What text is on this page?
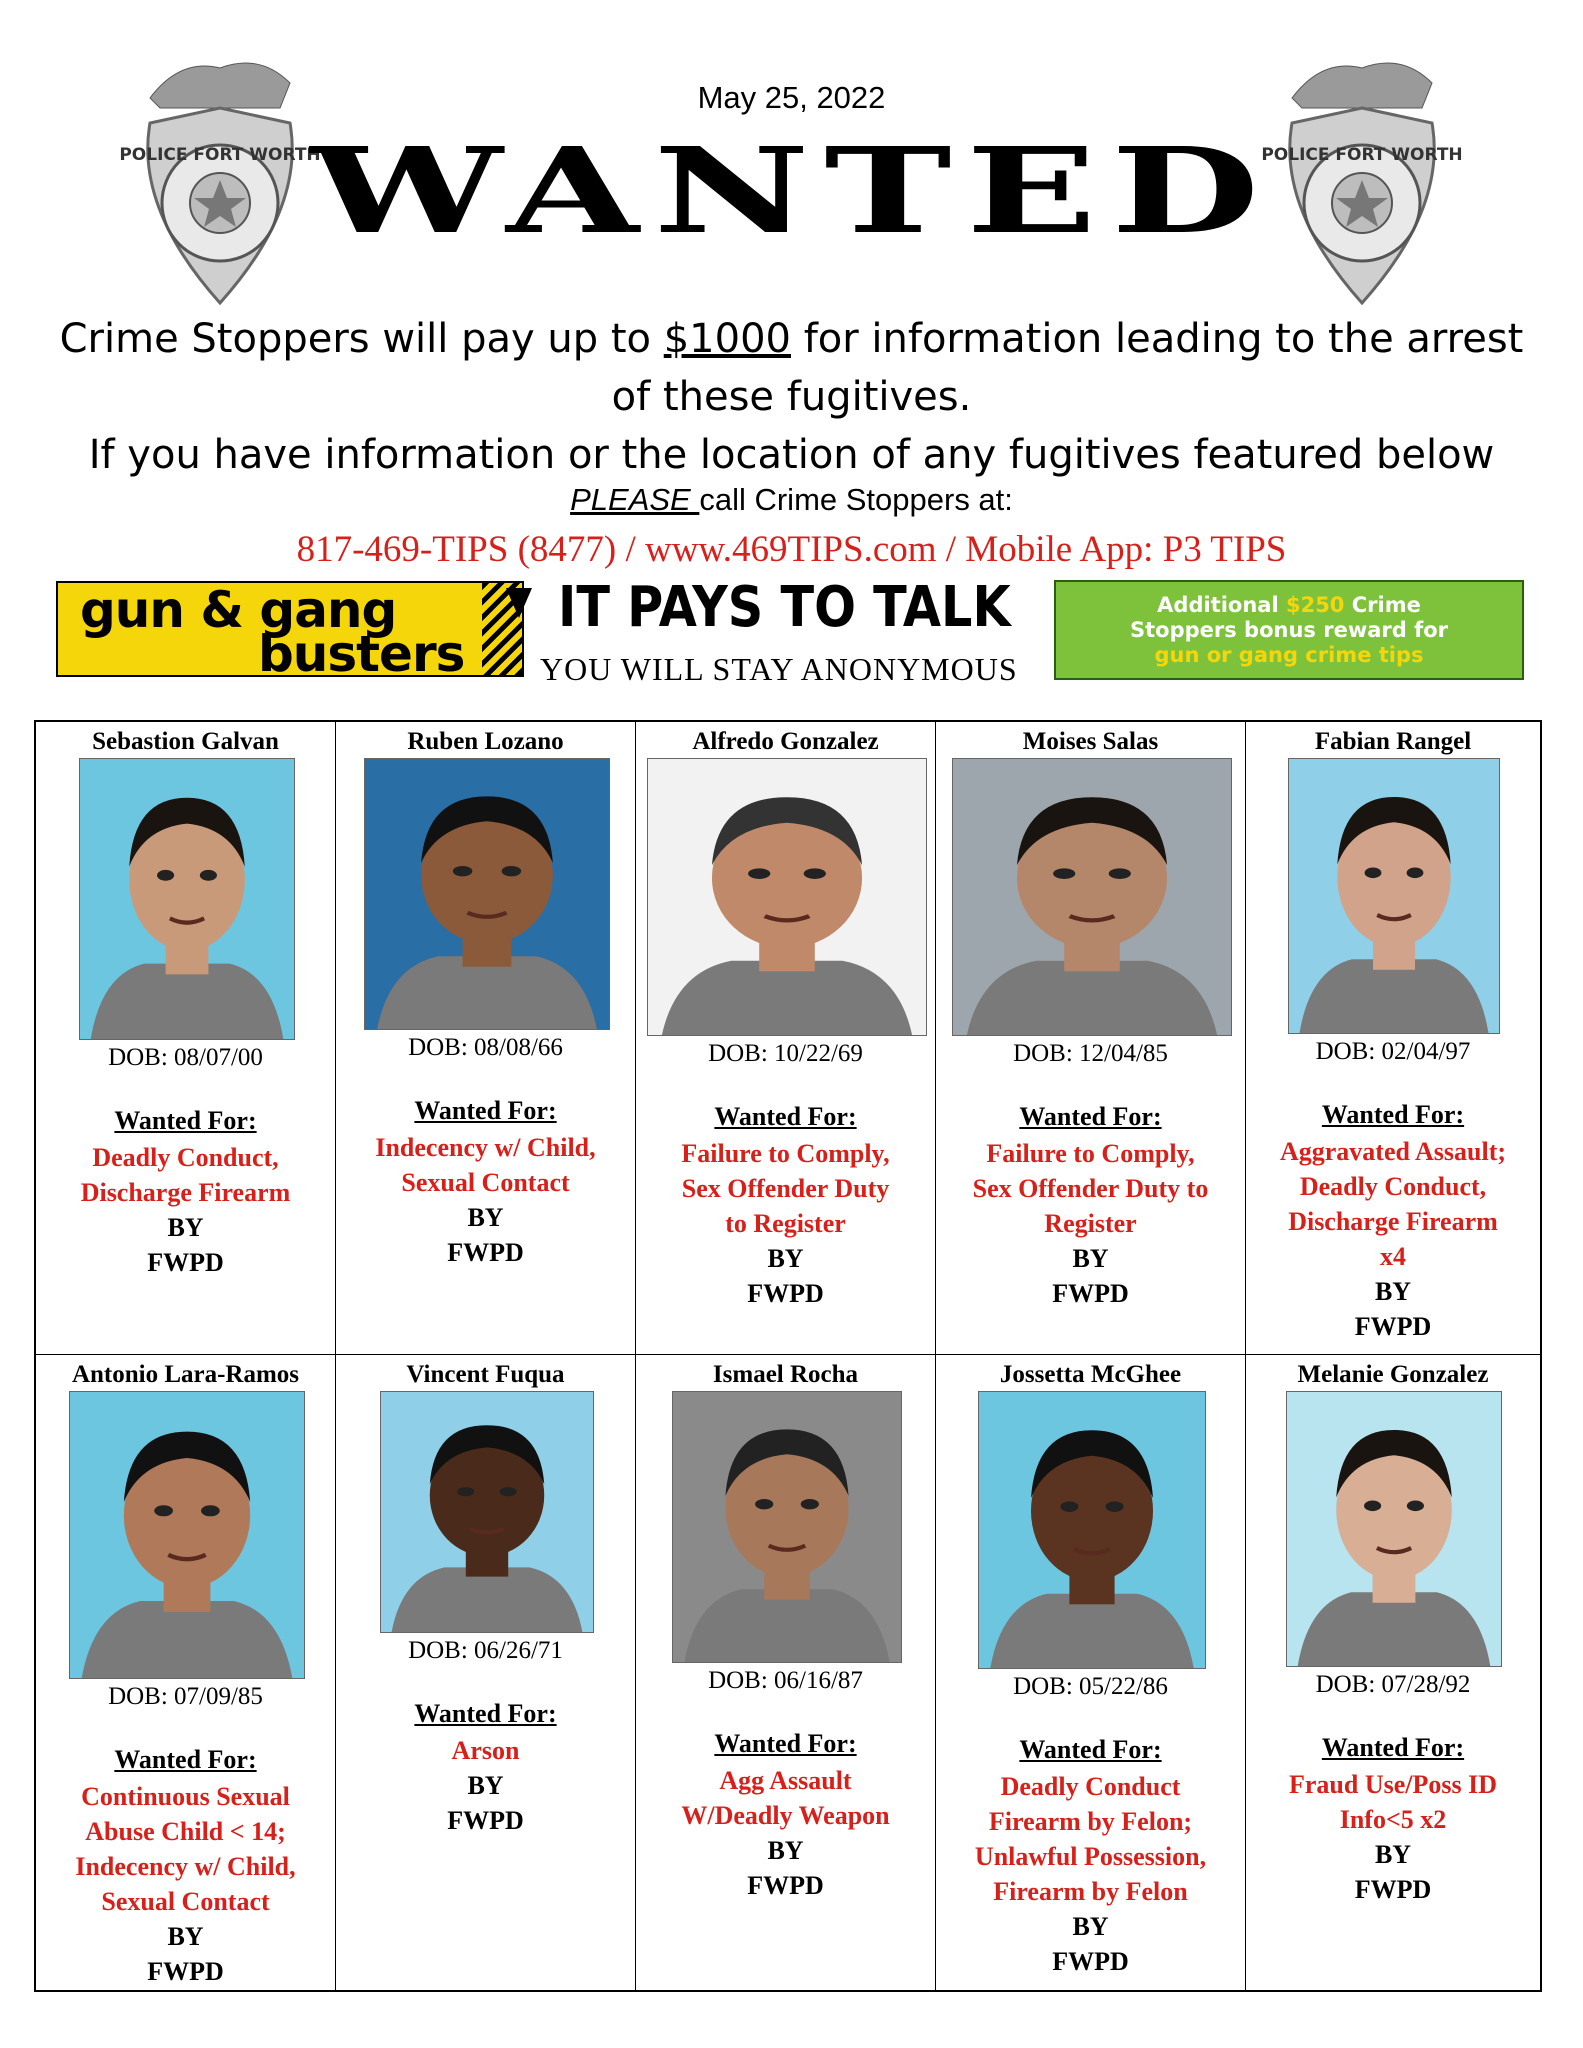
POLICE FORT WORTH	POLICE FORT WORTH
May 25, 2022
WANTED
Crime Stoppers will pay up to $1000 for information leading to the arrest
of these fugitives.
If you have information or the location of any fugitives featured below
PLEASE call Crime Stoppers at:
817-469-TIPS (8477) / www.469TIPS.com / Mobile App: P3 TIPS
gun & gang
busters
IT PAYS TO TALK
YOU WILL STAY ANONYMOUS
Additional $250 Crime
Stoppers bonus reward for
gun or gang crime tips
Sebastion Galvan
DOB: 08/07/00
Wanted For:
Deadly Conduct,
Discharge Firearm
BY
FWPD
Ruben Lozano
DOB: 08/08/66
Wanted For:
Indecency w/ Child,
Sexual Contact
BY
FWPD
Alfredo Gonzalez
DOB: 10/22/69
Wanted For:
Failure to Comply,
Sex Offender Duty
to Register
BY
FWPD
Moises Salas
DOB: 12/04/85
Wanted For:
Failure to Comply,
Sex Offender Duty to
Register
BY
FWPD
Fabian Rangel
DOB: 02/04/97
Wanted For:
Aggravated Assault;
Deadly Conduct,
Discharge Firearm
x4
BY
FWPD
Antonio Lara-Ramos
DOB: 07/09/85
Wanted For:
Continuous Sexual
Abuse Child < 14;
Indecency w/ Child,
Sexual Contact
BY
FWPD
Vincent Fuqua
DOB: 06/26/71
Wanted For:
Arson
BY
FWPD
Ismael Rocha
DOB: 06/16/87
Wanted For:
Agg Assault
W/Deadly Weapon
BY
FWPD
Jossetta McGhee
DOB: 05/22/86
Wanted For:
Deadly Conduct
Firearm by Felon;
Unlawful Possession,
Firearm by Felon
BY
FWPD
Melanie Gonzalez
DOB: 07/28/92
Wanted For:
Fraud Use/Poss ID
Info<5 x2
BY
FWPD
